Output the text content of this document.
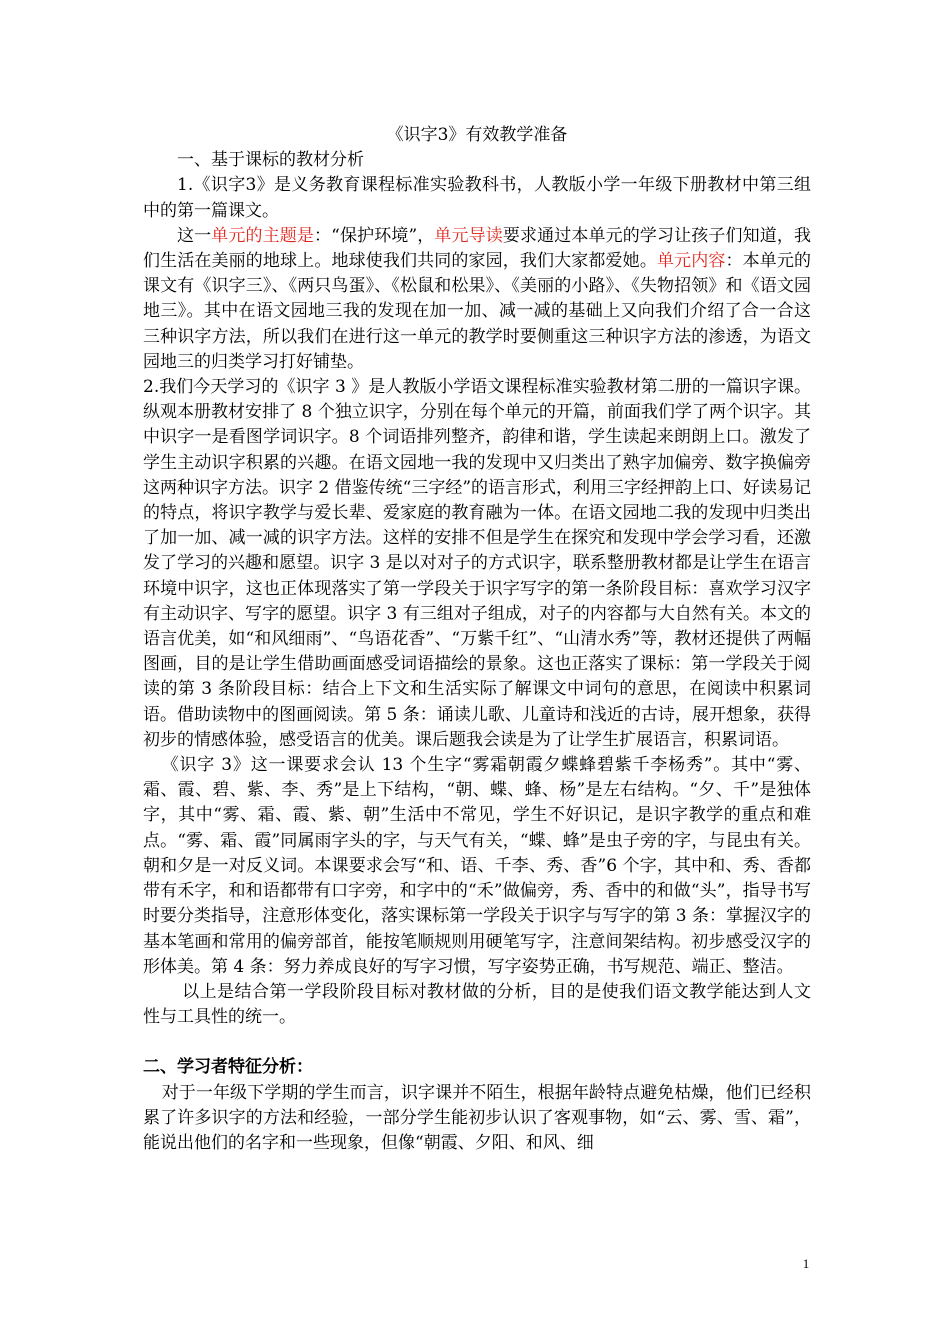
《识字3》有效教学准备

一、基于课标的教材分析

1.《识字3》是义务教育课程标准实验教科书，人教版小学一年级下册教材中第三组中的第一篇课文。

这一单元的主题是：“保护环境”，单元导读要求通过本单元的学习让孩子们知道，我们生活在美丽的地球上。地球使我们共同的家园，我们大家都爱她。单元内容：本单元的课文有《识字三》、《两只鸟蛋》、《松鼠和松果》、《美丽的小路》、《失物招领》和《语文园地三》。其中在语文园地三我的发现在加一加、减一减的基础上又向我们介绍了合一合这三种识字方法，所以我们在进行这一单元的教学时要侧重这三种识字方法的渗透，为语文园地三的归类学习打好铺垫。

2.我们今天学习的《识字 3 》是人教版小学语文课程标准实验教材第二册的一篇识字课。纵观本册教材安排了 8 个独立识字，分别在每个单元的开篇，前面我们学了两个识字。其中识字一是看图学词识字。8 个词语排列整齐，韵律和谐，学生读起来朗朗上口。激发了学生主动识字积累的兴趣。在语文园地一我的发现中又归类出了熟字加偏旁、数字换偏旁这两种识字方法。识字 2 借鉴传统“三字经”的语言形式，利用三字经押韵上口、好读易记的特点，将识字教学与爱长辈、爱家庭的教育融为一体。在语文园地二我的发现中归类出了加一加、减一减的识字方法。这样的安排不但是学生在探究和发现中学会学习看，还激发了学习的兴趣和愿望。识字 3 是以对对子的方式识字，联系整册教材都是让学生在语言环境中识字，这也正体现落实了第一学段关于识字写字的第一条阶段目标：喜欢学习汉字有主动识字、写字的愿望。识字 3 有三组对子组成，对子的内容都与大自然有关。本文的语言优美，如“和风细雨”、“鸟语花香”、“万紫千红”、“山清水秀”等，教材还提供了两幅图画，目的是让学生借助画面感受词语描绘的景象。这也正落实了课标：第一学段关于阅读的第 3 条阶段目标：结合上下文和生活实际了解课文中词句的意思，在阅读中积累词语。借助读物中的图画阅读。第 5 条：诵读儿歌、儿童诗和浅近的古诗，展开想象，获得初步的情感体验，感受语言的优美。课后题我会读是为了让学生扩展语言，积累词语。

《识字 3》这一课要求会认 13 个生字“雾霜朝霞夕蝶蜂碧紫千李杨秀”。其中“雾、霜、霞、碧、紫、李、秀”是上下结构，“朝、蝶、蜂、杨”是左右结构。“夕、千”是独体字，其中“雾、霜、霞、紫、朝”生活中不常见，学生不好识记，是识字教学的重点和难点。“雾、霜、霞”同属雨字头的字，与天气有关，“蝶、蜂”是虫子旁的字，与昆虫有关。朝和夕是一对反义词。本课要求会写“和、语、千李、秀、香”6 个字，其中和、秀、香都带有禾字，和和语都带有口字旁，和字中的“禾”做偏旁，秀、香中的和做“头”，指导书写时要分类指导，注意形体变化，落实课标第一学段关于识字与写字的第 3 条：掌握汉字的基本笔画和常用的偏旁部首，能按笔顺规则用硬笔写字，注意间架结构。初步感受汉字的形体美。第 4 条：努力养成良好的写字习惯，写字姿势正确，书写规范、端正、整洁。

以上是结合第一学段阶段目标对教材做的分析，目的是使我们语文教学能达到人文性与工具性的统一。

二、学习者特征分析：

对于一年级下学期的学生而言，识字课并不陌生，根据年龄特点避免枯燥，他们已经积累了许多识字的方法和经验，一部分学生能初步认识了客观事物，如“云、雾、雪、霜”，能说出他们的名字和一些现象，但像“朝霞、夕阳、和风、细

1
